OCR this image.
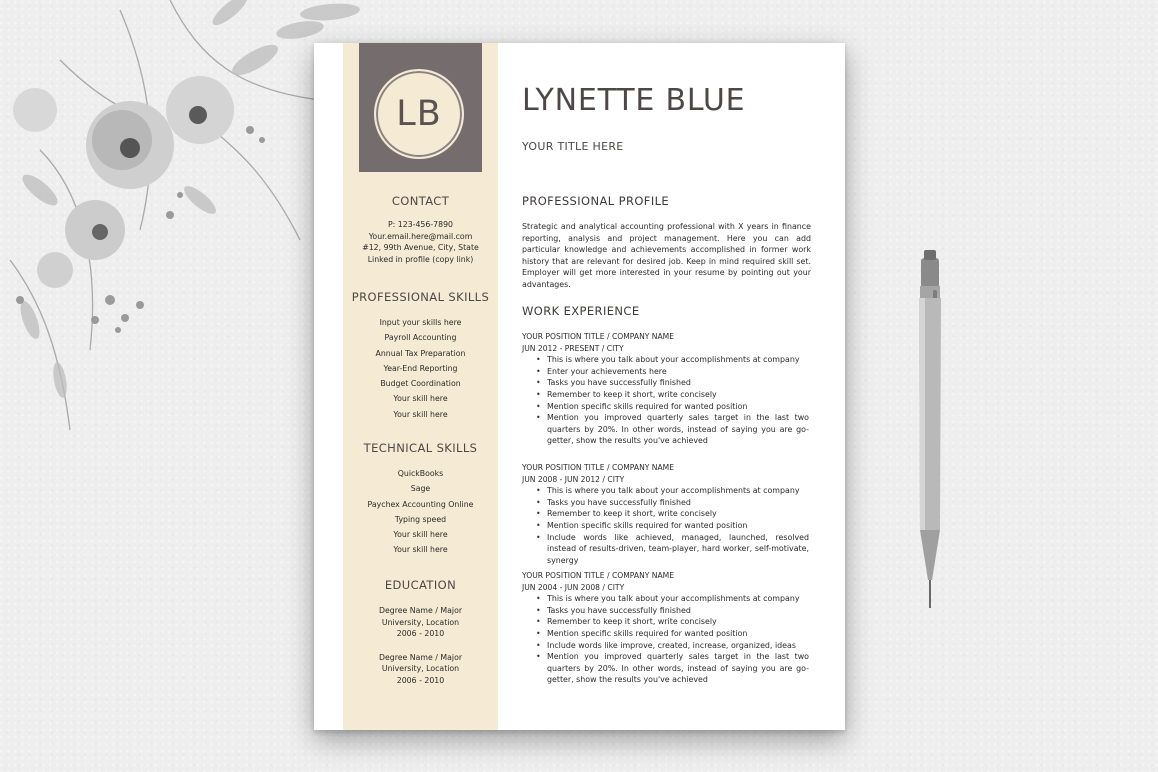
LB
CONTACT
P: 123-456-7890
Your.email.here@mail.com
#12, 99th Avenue, City, State
Linked in profile (copy link)
PROFESSIONAL SKILLS
Input your skills here
Payroll Accounting
Annual Tax Preparation
Year-End Reporting
Budget Coordination
Your skill here
Your skill here
TECHNICAL SKILLS
QuickBooks
Sage
Paychex Accounting Online
Typing speed
Your skill here
Your skill here
EDUCATION
Degree Name / Major
University, Location
2006 - 2010
Degree Name / Major
University, Location
2006 - 2010
LYNETTE BLUE
YOUR TITLE HERE
PROFESSIONAL PROFILE
Strategic and analytical accounting professional with X years in finance reporting, analysis and project management. Here you can add particular knowledge and achievements accomplished in former work history that are relevant for desired job. Keep in mind required skill set. Employer will get more interested in your resume by pointing out your advantages.
WORK EXPERIENCE
YOUR POSITION TITLE / COMPANY NAME
JUN 2012 - PRESENT / CITY
• This is where you talk about your accomplishments at company
• Enter your achievements here
• Tasks you have successfully finished
• Remember to keep it short, write concisely
• Mention specific skills required for wanted position
• Mention you improved quarterly sales target in the last two quarters by 20%. In other words, instead of saying you are go-getter, show the results you've achieved
YOUR POSITION TITLE / COMPANY NAME
JUN 2008 - JUN 2012 / CITY
• This is where you talk about your accomplishments at company
• Tasks you have successfully finished
• Remember to keep it short, write concisely
• Mention specific skills required for wanted position
• Include words like achieved, managed, launched, resolved instead of results-driven, team-player, hard worker, self-motivate, synergy
YOUR POSITION TITLE / COMPANY NAME
JUN 2004 - JUN 2008 / CITY
• This is where you talk about your accomplishments at company
• Tasks you have successfully finished
• Remember to keep it short, write concisely
• Mention specific skills required for wanted position
• Include words like improve, created, increase, organized, ideas
• Mention you improved quarterly sales target in the last two quarters by 20%. In other words, instead of saying you are go-getter, show the results you've achieved
